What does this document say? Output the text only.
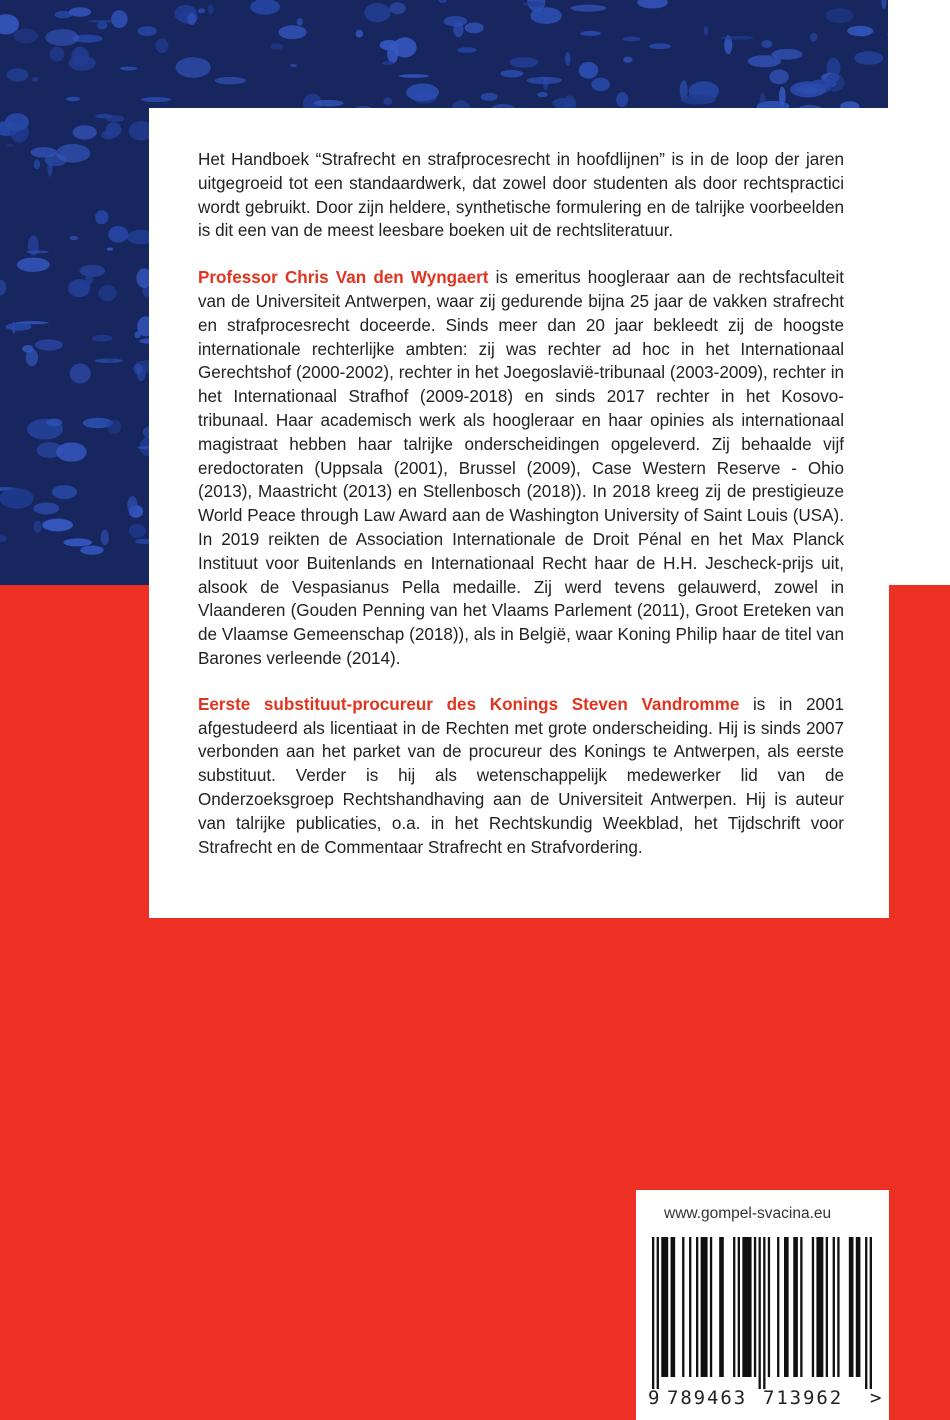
Het Handboek “Strafrecht en strafprocesrecht in hoofdlijnen” is in de loop der jaren uitgegroeid tot een standaardwerk, dat zowel door studenten als door rechtspractici wordt gebruikt. Door zijn heldere, synthetische formulering en de talrijke voorbeelden is dit een van de meest leesbare boeken uit de rechtsliteratuur.

Professor Chris Van den Wyngaert is emeritus hoogleraar aan de rechtsfaculteit van de Universiteit Antwerpen, waar zij gedurende bijna 25 jaar de vakken strafrecht en strafprocesrecht doceerde. Sinds meer dan 20 jaar bekleedt zij de hoogste internationale rechterlijke ambten: zij was rechter ad hoc in het Internationaal Gerechtshof (2000-2002), rechter in het Joegoslavië-tribunaal (2003-2009), rechter in het Internationaal Strafhof (2009-2018) en sinds 2017 rechter in het Kosovo-tribunaal. Haar academisch werk als hoogleraar en haar opinies als internationaal magistraat hebben haar talrijke onderscheidingen opgeleverd. Zij behaalde vijf eredoctoraten (Uppsala (2001), Brussel (2009), Case Western Reserve - Ohio (2013), Maastricht (2013) en Stellenbosch (2018)). In 2018 kreeg zij de prestigieuze World Peace through Law Award aan de Washington University of Saint Louis (USA). In 2019 reikten de Association Internationale de Droit Pénal en het Max Planck Instituut voor Buitenlands en Internationaal Recht haar de H.H. Jescheck-prijs uit, alsook de Vespasianus Pella medaille. Zij werd tevens gelauwerd, zowel in Vlaanderen (Gouden Penning van het Vlaams Parlement (2011), Groot Ereteken van de Vlaamse Gemeenschap (2018)), als in België, waar Koning Philip haar de titel van Barones verleende (2014).

Eerste substituut-procureur des Konings Steven Vandromme is in 2001 afgestudeerd als licentiaat in de Rechten met grote onderscheiding. Hij is sinds 2007 verbonden aan het parket van de procureur des Konings te Antwerpen, als eerste substituut. Verder is hij als wetenschappelijk medewerker lid van de Onderzoeksgroep Rechtshandhaving aan de Universiteit Antwerpen. Hij is auteur van talrijke publicaties, o.a. in het Rechtskundig Weekblad, het Tijdschrift voor Strafrecht en de Commentaar Strafrecht en Strafvordering.

www.gompel-svacina.eu
9 789463 713962 >
